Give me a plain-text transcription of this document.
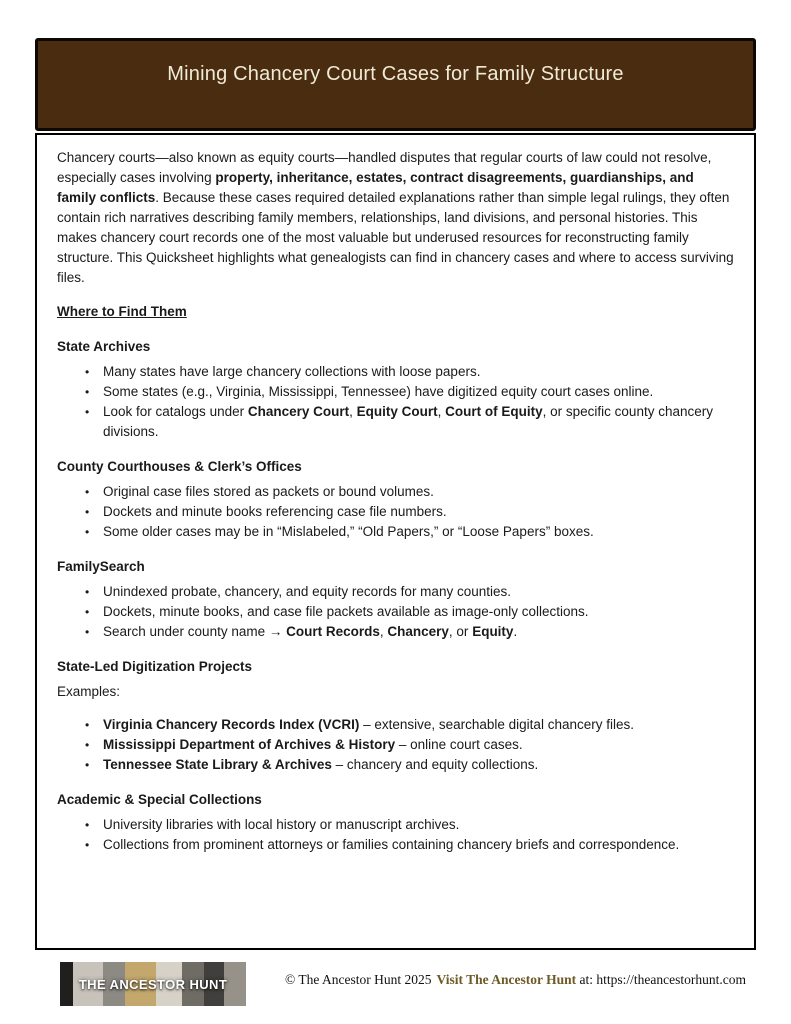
Mining Chancery Court Cases for Family Structure

Chancery courts—also known as equity courts—handled disputes that regular courts of law could not resolve, especially cases involving property, inheritance, estates, contract disagreements, guardianships, and family conflicts. Because these cases required detailed explanations rather than simple legal rulings, they often contain rich narratives describing family members, relationships, land divisions, and personal histories. This makes chancery court records one of the most valuable but underused resources for reconstructing family structure. This Quicksheet highlights what genealogists can find in chancery cases and where to access surviving files.

Where to Find Them
State Archives
•	Many states have large chancery collections with loose papers.
•	Some states (e.g., Virginia, Mississippi, Tennessee) have digitized equity court cases online.
•	Look for catalogs under Chancery Court, Equity Court, Court of Equity, or specific county chancery divisions.
County Courthouses & Clerk’s Offices
•	Original case files stored as packets or bound volumes.
•	Dockets and minute books referencing case file numbers.
•	Some older cases may be in “Mislabeled,” “Old Papers,” or “Loose Papers” boxes.
FamilySearch
•	Unindexed probate, chancery, and equity records for many counties.
•	Dockets, minute books, and case file packets available as image-only collections.
•	Search under county name → Court Records, Chancery, or Equity.
State-Led Digitization Projects

Examples:

•	Virginia Chancery Records Index (VCRI) – extensive, searchable digital chancery files.
•	Mississippi Department of Archives & History – online court cases.
•	Tennessee State Library & Archives – chancery and equity collections.
Academic & Special Collections
•	University libraries with local history or manuscript archives.
•	Collections from prominent attorneys or families containing chancery briefs and correspondence.
THE ANCESTOR HUNT	© The Ancestor Hunt 2025 Visit The Ancestor Hunt at: https://theancestorhunt.com
